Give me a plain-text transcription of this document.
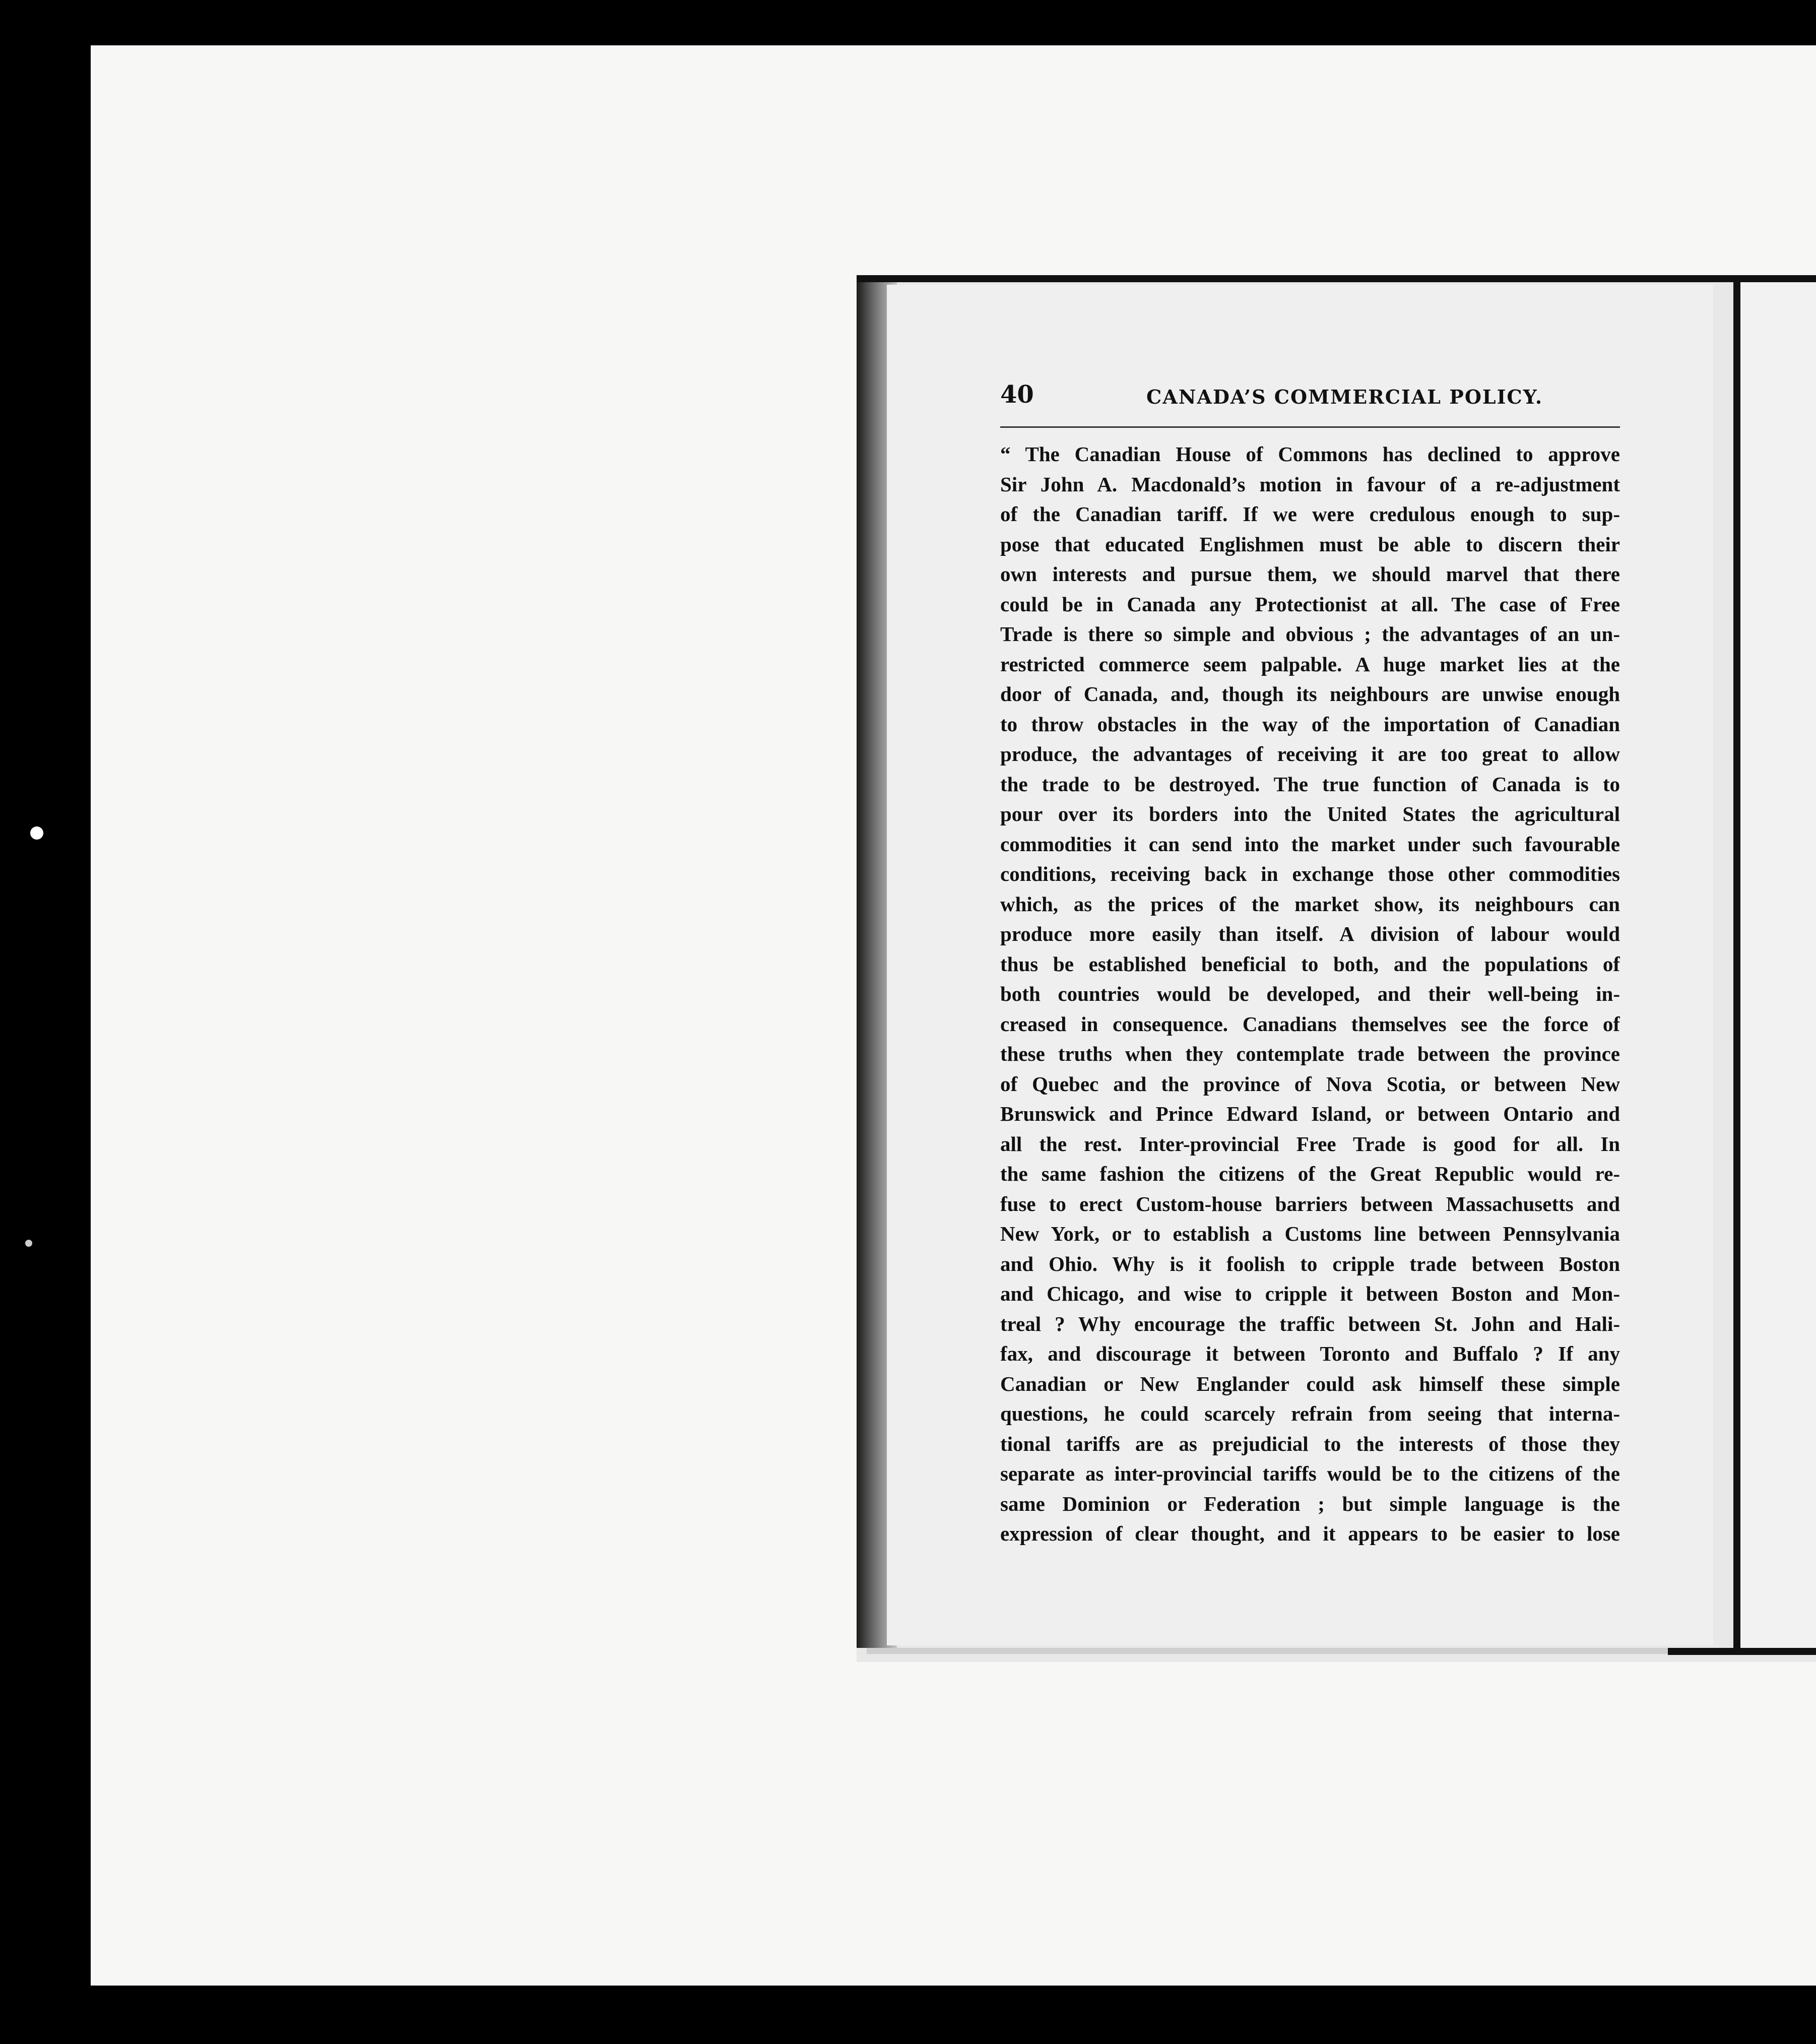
40	CANADA’S COMMERCIAL POLICY.
“ The Canadian House of Commons has declined to approve
Sir John A. Macdonald’s motion in favour of a re-adjustment
of the Canadian tariff. If we were credulous enough to sup-
pose that educated Englishmen must be able to discern their
own interests and pursue them, we should marvel that there
could be in Canada any Protectionist at all. The case of Free
Trade is there so simple and obvious ; the advantages of an un-
restricted commerce seem palpable. A huge market lies at the
door of Canada, and, though its neighbours are unwise enough
to throw obstacles in the way of the importation of Canadian
produce, the advantages of receiving it are too great to allow
the trade to be destroyed. The true function of Canada is to
pour over its borders into the United States the agricultural
commodities it can send into the market under such favourable
conditions, receiving back in exchange those other commodities
which, as the prices of the market show, its neighbours can
produce more easily than itself. A division of labour would
thus be established beneficial to both, and the populations of
both countries would be developed, and their well-being in-
creased in consequence. Canadians themselves see the force of
these truths when they contemplate trade between the province
of Quebec and the province of Nova Scotia, or between New
Brunswick and Prince Edward Island, or between Ontario and
all the rest. Inter-provincial Free Trade is good for all. In
the same fashion the citizens of the Great Republic would re-
fuse to erect Custom-house barriers between Massachusetts and
New York, or to establish a Customs line between Pennsylvania
and Ohio. Why is it foolish to cripple trade between Boston
and Chicago, and wise to cripple it between Boston and Mon-
treal ? Why encourage the traffic between St. John and Hali-
fax, and discourage it between Toronto and Buffalo ? If any
Canadian or New Englander could ask himself these simple
questions, he could scarcely refrain from seeing that interna-
tional tariffs are as prejudicial to the interests of those they
separate as inter-provincial tariffs would be to the citizens of the
same Dominion or Federation ; but simple language is the
expression of clear thought, and it appears to be easier to lose
